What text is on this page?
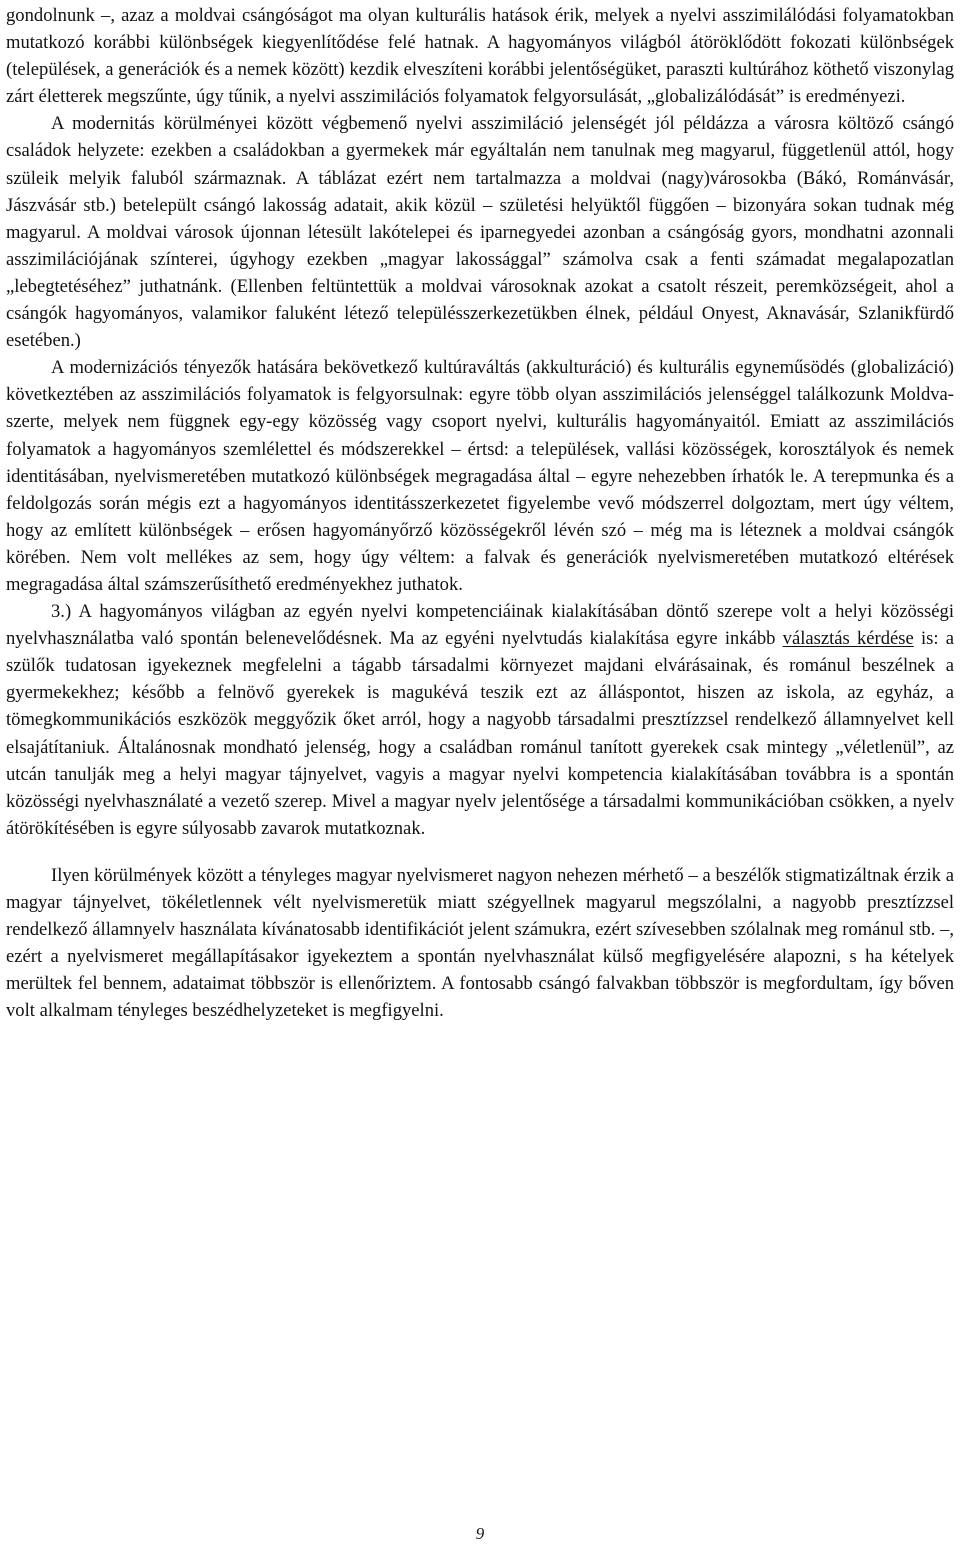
gondolnunk –, azaz a moldvai csángóságot ma olyan kulturális hatások érik, melyek a nyelvi asszimilálódási folyamatokban mutatkozó korábbi különbségek kiegyenlítődése felé hatnak. A hagyományos világból átöröklődött fokozati különbségek (települések, a generációk és a nemek között) kezdik elveszíteni korábbi jelentőségüket, paraszti kultúrához köthető viszonylag zárt életterek megszűnte, úgy tűnik, a nyelvi asszimilációs folyamatok felgyorsulását, „globalizálódását” is eredményezi.

A modernitás körülményei között végbemenő nyelvi asszimiláció jelenségét jól példázza a városra költöző csángó családok helyzete: ezekben a családokban a gyermekek már egyáltalán nem tanulnak meg magyarul, függetlenül attól, hogy szüleik melyik faluból származnak. A táblázat ezért nem tartalmazza a moldvai (nagy)városokba (Bákó, Románvásár, Jászvásár stb.) betelepült csángó lakosság adatait, akik közül – születési helyüktől függően – bizonyára sokan tudnak még magyarul. A moldvai városok újonnan létesült lakótelepei és iparnegyedei azonban a csángóság gyors, mondhatni azonnali asszimilációjának színterei, úgyhogy ezekben „magyar lakossággal” számolva csak a fenti számadat megalapozatlan „lebegtetéséhez” juthatnánk. (Ellenben feltüntettük a moldvai városoknak azokat a csatolt részeit, peremközségeit, ahol a csángók hagyományos, valamikor faluként létező településszerkezetükben élnek, például Onyest, Aknavásár, Szlanikfürdő esetében.)

A modernizációs tényezők hatására bekövetkező kultúraváltás (akkulturáció) és kulturális egyneműsödés (globalizáció) következtében az asszimilációs folyamatok is felgyorsulnak: egyre több olyan asszimilációs jelenséggel találkozunk Moldva-szerte, melyek nem függnek egy-egy közösség vagy csoport nyelvi, kulturális hagyományaitól. Emiatt az asszimilációs folyamatok a hagyományos szemlélettel és módszerekkel – értsd: a települések, vallási közösségek, korosztályok és nemek identitásában, nyelvismeretében mutatkozó különbségek megragadása által – egyre nehezebben írhatók le. A terepmunka és a feldolgozás során mégis ezt a hagyományos identitásszerkezetet figyelembe vevő módszerrel dolgoztam, mert úgy véltem, hogy az említett különbségek – erősen hagyományőrző közösségekről lévén szó – még ma is léteznek a moldvai csángók körében. Nem volt mellékes az sem, hogy úgy véltem: a falvak és generációk nyelvismeretében mutatkozó eltérések megragadása által számszerűsíthető eredményekhez juthatok.

3.) A hagyományos világban az egyén nyelvi kompetenciáinak kialakításában döntő szerepe volt a helyi közösségi nyelvhasználatba való spontán belenevelődésnek. Ma az egyéni nyelvtudás kialakítása egyre inkább választás kérdése is: a szülők tudatosan igyekeznek megfelelni a tágabb társadalmi környezet majdani elvárásainak, és románul beszélnek a gyermekekhez; később a felnövő gyerekek is magukévá teszik ezt az álláspontot, hiszen az iskola, az egyház, a tömegkommunikációs eszközök meggyőzik őket arról, hogy a nagyobb társadalmi presztízzsel rendelkező államnyelvet kell elsajátítaniuk. Általánosnak mondható jelenség, hogy a családban románul tanított gyerekek csak mintegy „véletlenül”, az utcán tanulják meg a helyi magyar tájnyelvet, vagyis a magyar nyelvi kompetencia kialakításában továbbra is a spontán közösségi nyelvhasználaté a vezető szerep. Mivel a magyar nyelv jelentősége a társadalmi kommunikációban csökken, a nyelv átörökítésében is egyre súlyosabb zavarok mutatkoznak.

Ilyen körülmények között a tényleges magyar nyelvismeret nagyon nehezen mérhető – a beszélők stigmatizáltnak érzik a magyar tájnyelvet, tökéletlennek vélt nyelvismeretük miatt szégyellnek magyarul megszólalni, a nagyobb presztízzsel rendelkező államnyelv használata kívánatosabb identifikációt jelent számukra, ezért szívesebben szólalnak meg románul stb. –, ezért a nyelvismeret megállapításakor igyekeztem a spontán nyelvhasználat külső megfigyelésére alapozni, s ha kételyek merültek fel bennem, adataimat többször is ellenőriztem. A fontosabb csángó falvakban többször is megfordultam, így bőven volt alkalmam tényleges beszédhelyzeteket is megfigyelni.

9
